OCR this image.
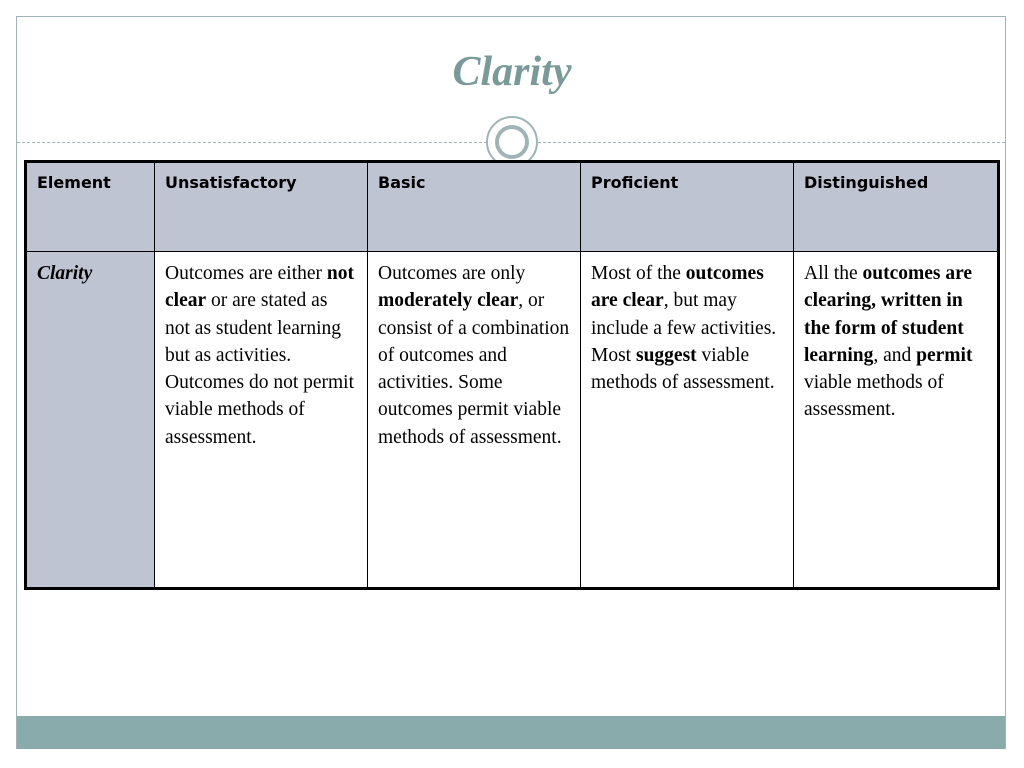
Clarity
Element	Unsatisfactory	Basic	Proficient	Distinguished
Clarity	Outcomes are either not clear or are stated as not as student learning but as activities. Outcomes do not permit viable methods of assessment.	Outcomes are only moderately clear, or consist of a combination of outcomes and activities. Some outcomes permit viable methods of assessment.	Most of the outcomes are clear, but may include a few activities. Most suggest viable methods of assessment.	All the outcomes are clearing, written in the form of student learning, and permit viable methods of assessment.
